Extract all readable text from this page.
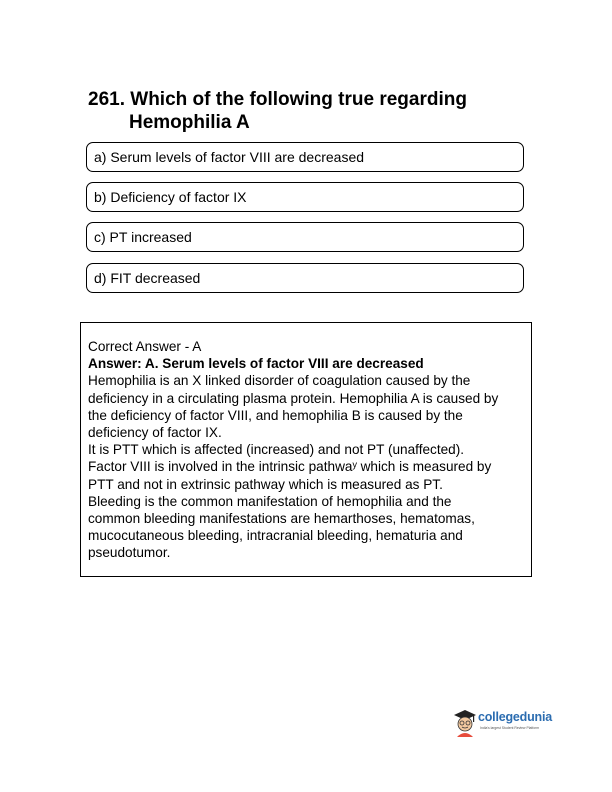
261. Which of the following true regarding
Hemophilia A
a) Serum levels of factor VIII are decreased
b) Deficiency of factor IX
c) PT increased
d) FIT decreased
Correct Answer - A
Answer: A. Serum levels of factor VIII are decreased
Hemophilia is an X linked disorder of coagulation caused by the
deficiency in a circulating plasma protein. Hemophilia A is caused by
the deficiency of factor VIII, and hemophilia B is caused by the
deficiency of factor IX.
It is PTT which is affected (increased) and not PT (unaffected).
Factor VIII is involved in the intrinsic pathwaʸ which is measured by
PTT and not in extrinsic pathway which is measured as PT.
Bleeding is the common manifestation of hemophilia and the
common bleeding manifestations are hemarthoses, hematomas,
mucocutaneous bleeding, intracranial bleeding, hematuria and
pseudotumor.
collegedunia
India's largest Student Review Platform
